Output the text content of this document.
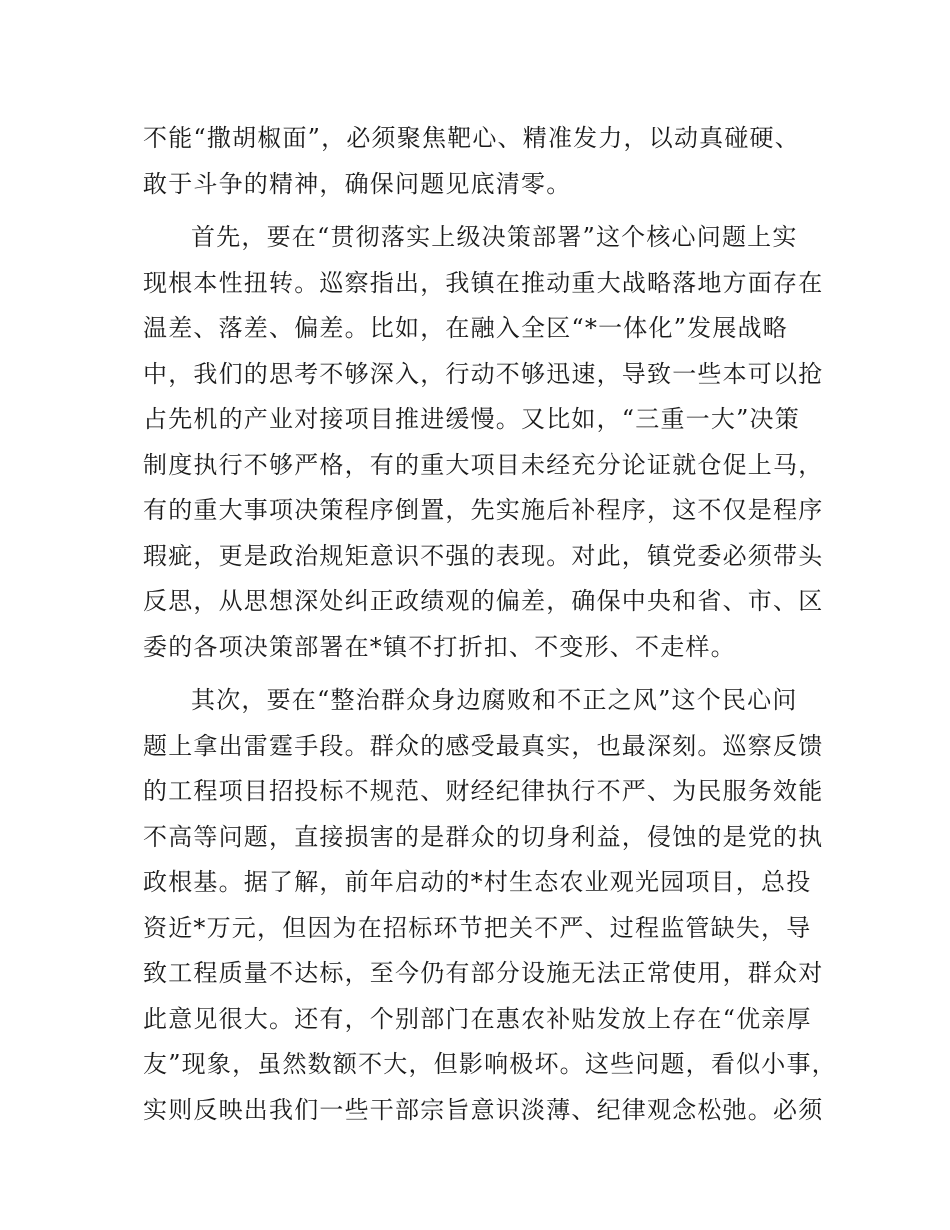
不能“撒胡椒面”，必须聚焦靶心、精准发力，以动真碰硬、
敢于斗争的精神，确保问题见底清零。
首先，要在“贯彻落实上级决策部署”这个核心问题上实
现根本性扭转。巡察指出，我镇在推动重大战略落地方面存在
温差、落差、偏差。比如，在融入全区“*一体化”发展战略
中，我们的思考不够深入，行动不够迅速，导致一些本可以抢
占先机的产业对接项目推进缓慢。又比如，“三重一大”决策
制度执行不够严格，有的重大项目未经充分论证就仓促上马，
有的重大事项决策程序倒置，先实施后补程序，这不仅是程序
瑕疵，更是政治规矩意识不强的表现。对此，镇党委必须带头
反思，从思想深处纠正政绩观的偏差，确保中央和省、市、区
委的各项决策部署在*镇不打折扣、不变形、不走样。
其次，要在“整治群众身边腐败和不正之风”这个民心问
题上拿出雷霆手段。群众的感受最真实，也最深刻。巡察反馈
的工程项目招投标不规范、财经纪律执行不严、为民服务效能
不高等问题，直接损害的是群众的切身利益，侵蚀的是党的执
政根基。据了解，前年启动的*村生态农业观光园项目，总投
资近*万元，但因为在招标环节把关不严、过程监管缺失，导
致工程质量不达标，至今仍有部分设施无法正常使用，群众对
此意见很大。还有，个别部门在惠农补贴发放上存在“优亲厚
友”现象，虽然数额不大，但影响极坏。这些问题，看似小事，
实则反映出我们一些干部宗旨意识淡薄、纪律观念松弛。必须
